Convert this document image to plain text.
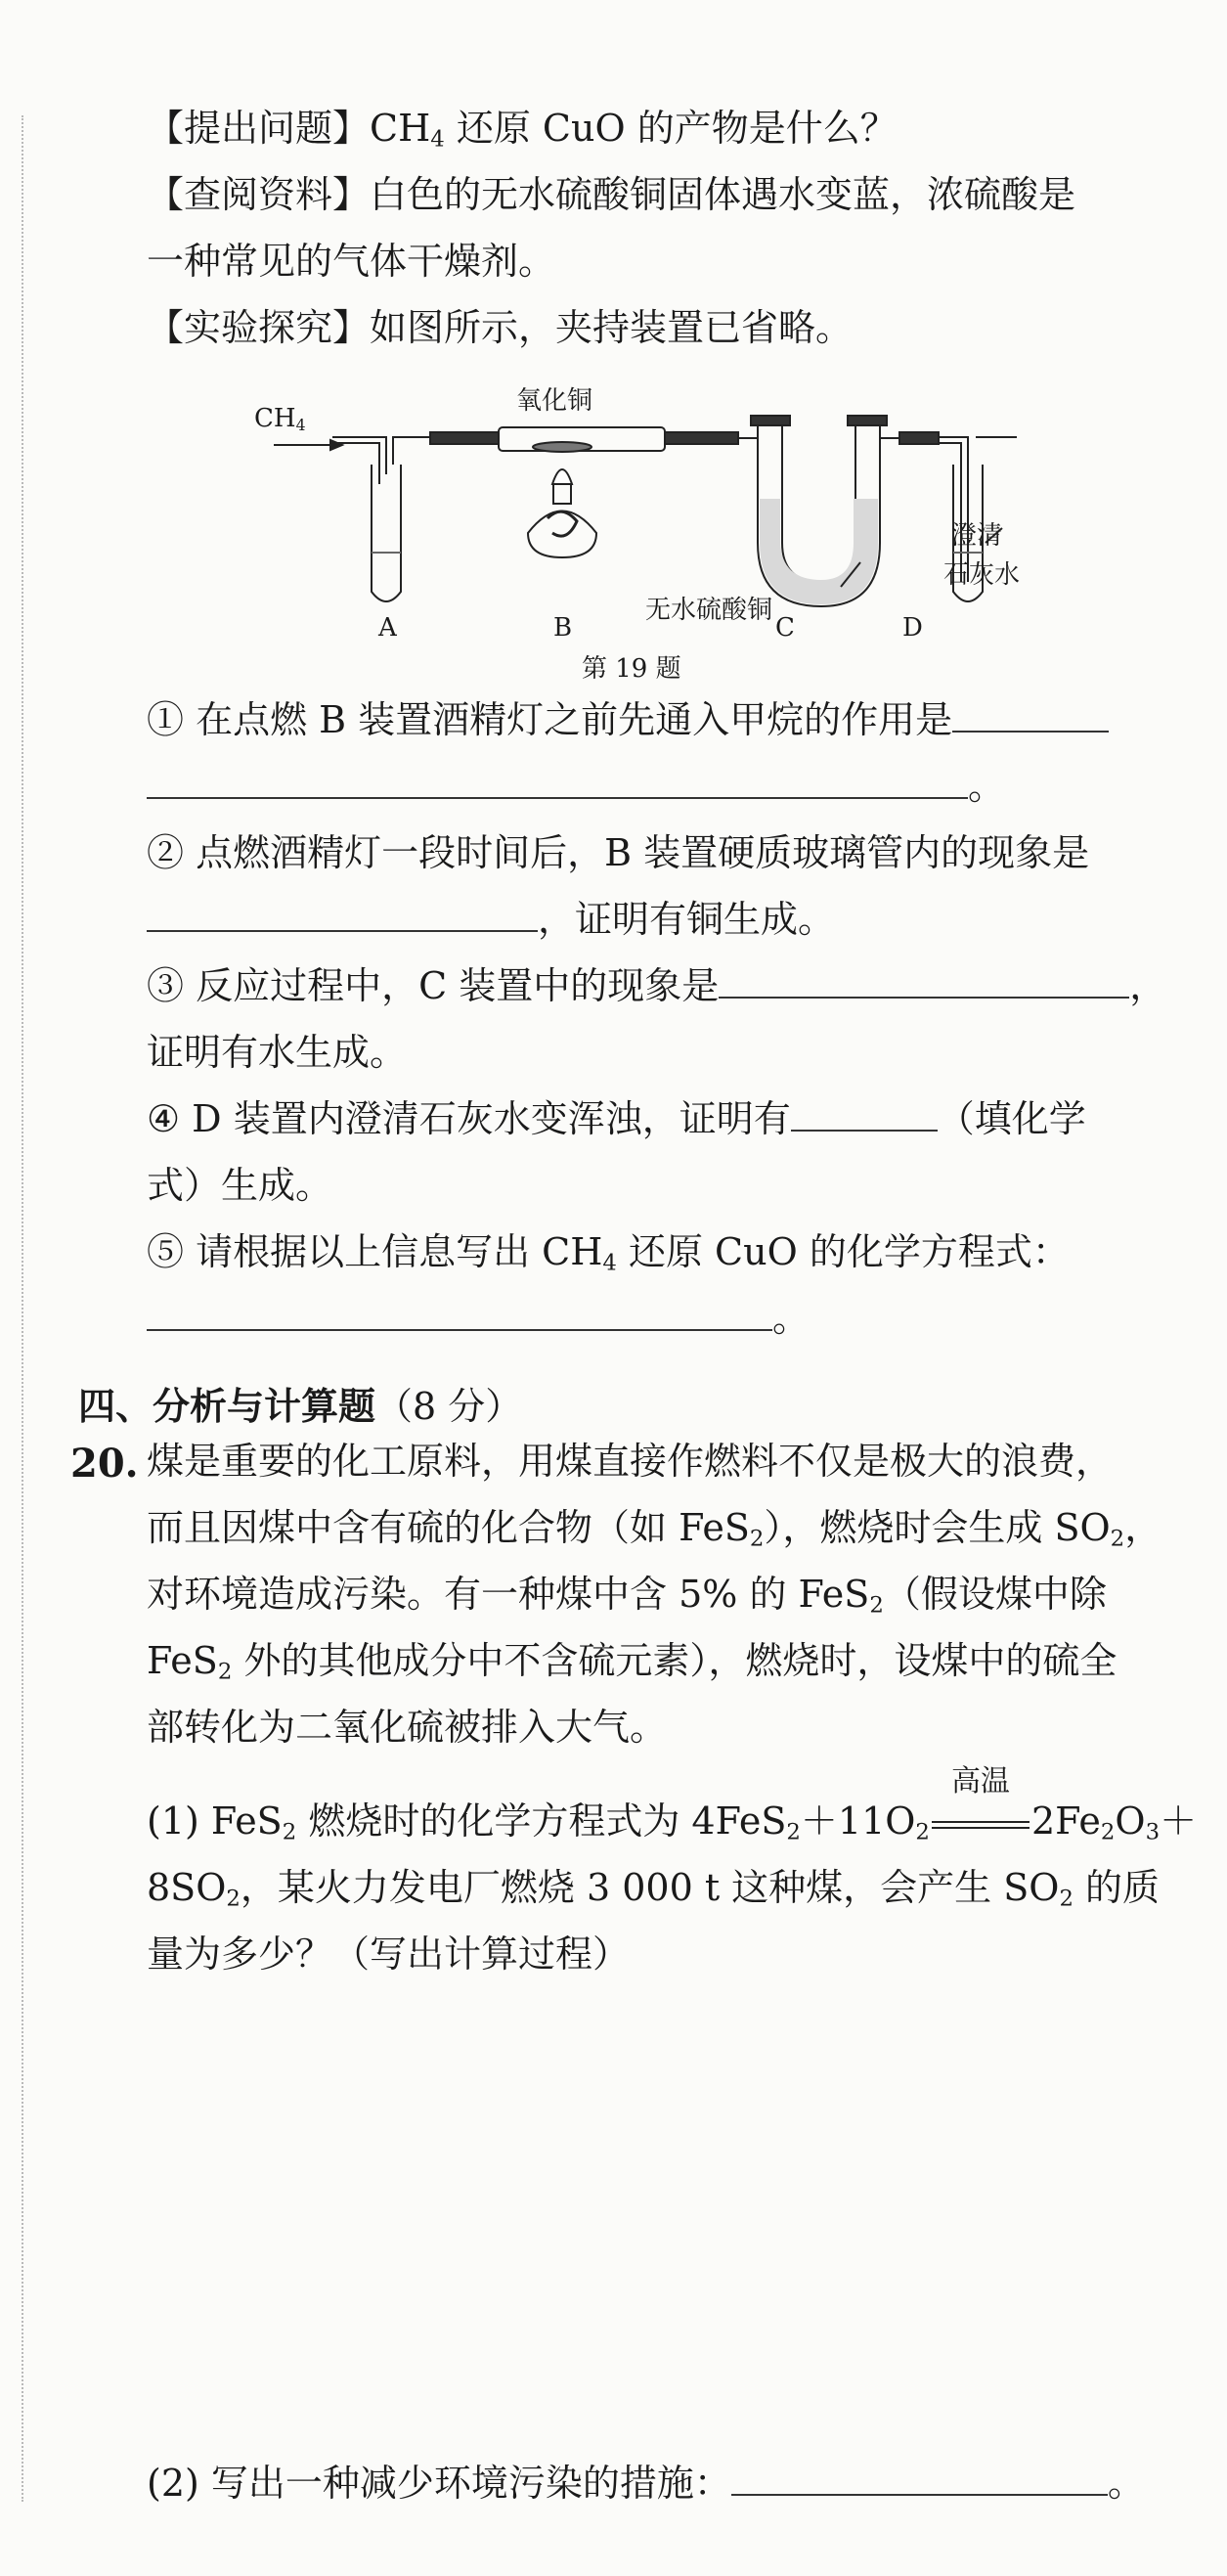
【提出问题】$CH_4$ 还原 CuO 的产物是什么？
【查阅资料】白色的无水硫酸铜固体遇水变蓝，浓硫酸是
一种常见的气体干燥剂。
【实验探究】如图所示，夹持装置已省略。
$CH_4$
氧化铜
无水硫酸铜
澄清
石灰水
A	B	C	D
第 19 题
① 在点燃 B 装置酒精灯之前先通入甲烷的作用是
。
② 点燃酒精灯一段时间后，B 装置硬质玻璃管内的现象是
，证明有铜生成。
③ 反应过程中，C 装置中的现象是	，
证明有水生成。
④ D 装置内澄清石灰水变浑浊，证明有	（填化学
式）生成。
⑤ 请根据以上信息写出 $CH_4$ 还原 CuO 的化学方程式：
。
四、分析与计算题（8 分）
20. 煤是重要的化工原料，用煤直接作燃料不仅是极大的浪费，
而且因煤中含有硫的化合物（如 FeS$_2$），燃烧时会生成 $SO_2$，
对环境造成污染。有一种煤中含 5% 的 FeS$_2$（假设煤中除
FeS$_2$ 外的其他成分中不含硫元素），燃烧时，设煤中的硫全
部转化为二氧化硫被排入大气。
(1) FeS$_2$ 燃烧时的化学方程式为 $4FeS_2+11O_2$
高温
$2Fe_2O_3+$
$8SO_2$，某火力发电厂燃烧 3 000 t 这种煤，会产生 $SO_2$ 的质
量为多少？（写出计算过程）
(2) 写出一种减少环境污染的措施：	。
